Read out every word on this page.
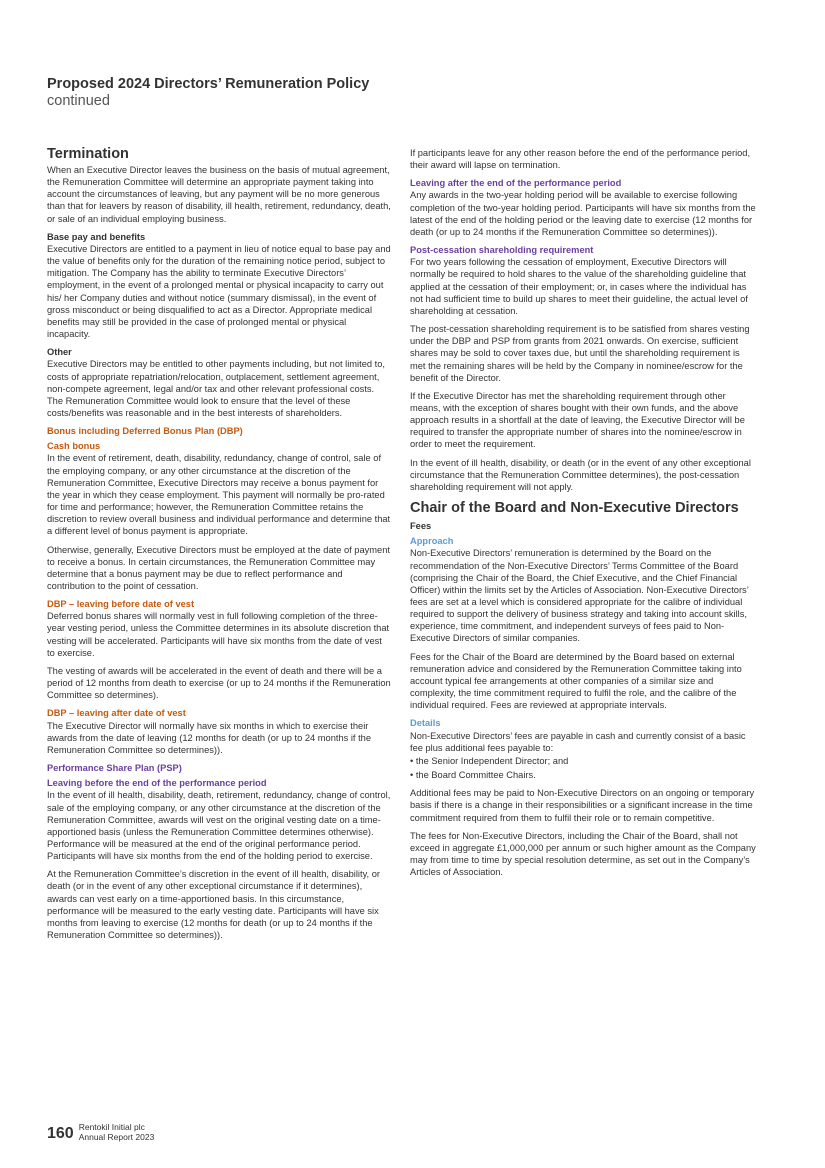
Proposed 2024 Directors’ Remuneration Policy
continued
Termination

When an Executive Director leaves the business on the basis of mutual agreement, the Remuneration Committee will determine an appropriate payment taking into account the circumstances of leaving, but any payment will be no more generous than that for leavers by reason of disability, ill health, retirement, redundancy, death, or sale of an individual employing business.

Base pay and benefits

Executive Directors are entitled to a payment in lieu of notice equal to base pay and the value of benefits only for the duration of the remaining notice period, subject to mitigation. The Company has the ability to terminate Executive Directors’ employment, in the event of a prolonged mental or physical incapacity to carry out his/ her Company duties and without notice (summary dismissal), in the event of gross misconduct or being disqualified to act as a Director. Appropriate medical benefits may still be provided in the case of prolonged mental or physical incapacity.

Other

Executive Directors may be entitled to other payments including, but not limited to, costs of appropriate repatriation/relocation, outplacement, settlement agreement, non-compete agreement, legal and/or tax and other relevant professional costs. The Remuneration Committee would look to ensure that the level of these costs/benefits was reasonable and in the best interests of shareholders.

Bonus including Deferred Bonus Plan (DBP)
Cash bonus

In the event of retirement, death, disability, redundancy, change of control, sale of the employing company, or any other circumstance at the discretion of the Remuneration Committee, Executive Directors may receive a bonus payment for the year in which they cease employment. This payment will normally be pro-rated for time and performance; however, the Remuneration Committee retains the discretion to review overall business and individual performance and determine that a different level of bonus payment is appropriate.

Otherwise, generally, Executive Directors must be employed at the date of payment to receive a bonus. In certain circumstances, the Remuneration Committee may determine that a bonus payment may be due to reflect performance and contribution to the point of cessation.

DBP – leaving before date of vest

Deferred bonus shares will normally vest in full following completion of the three-year vesting period, unless the Committee determines in its absolute discretion that vesting will be accelerated. Participants will have six months from the date of vest to exercise.

The vesting of awards will be accelerated in the event of death and there will be a period of 12 months from death to exercise (or up to 24 months if the Remuneration Committee so determines).

DBP – leaving after date of vest

The Executive Director will normally have six months in which to exercise their awards from the date of leaving (12 months for death (or up to 24 months if the Remuneration Committee so determines)).

Performance Share Plan (PSP)
Leaving before the end of the performance period

In the event of ill health, disability, death, retirement, redundancy, change of control, sale of the employing company, or any other circumstance at the discretion of the Remuneration Committee, awards will vest on the original vesting date on a time-apportioned basis (unless the Remuneration Committee determines otherwise). Performance will be measured at the end of the original performance period. Participants will have six months from the end of the holding period to exercise.

At the Remuneration Committee’s discretion in the event of ill health, disability, or death (or in the event of any other exceptional circumstance if it determines), awards can vest early on a time-apportioned basis. In this circumstance, performance will be measured to the early vesting date. Participants will have six months from leaving to exercise (12 months for death (or up to 24 months if the Remuneration Committee so determines)).

If participants leave for any other reason before the end of the performance period, their award will lapse on termination.

Leaving after the end of the performance period

Any awards in the two-year holding period will be available to exercise following completion of the two-year holding period. Participants will have six months from the latest of the end of the holding period or the leaving date to exercise (12 months for death (or up to 24 months if the Remuneration Committee so determines)).

Post-cessation shareholding requirement

For two years following the cessation of employment, Executive Directors will normally be required to hold shares to the value of the shareholding guideline that applied at the cessation of their employment; or, in cases where the individual has not had sufficient time to build up shares to meet their guideline, the actual level of shareholding at cessation.

The post-cessation shareholding requirement is to be satisfied from shares vesting under the DBP and PSP from grants from 2021 onwards. On exercise, sufficient shares may be sold to cover taxes due, but until the shareholding requirement is met the remaining shares will be held by the Company in nominee/escrow for the benefit of the Director.

If the Executive Director has met the shareholding requirement through other means, with the exception of shares bought with their own funds, and the above approach results in a shortfall at the date of leaving, the Executive Director will be required to transfer the appropriate number of shares into the nominee/escrow in order to meet the requirement.

In the event of ill health, disability, or death (or in the event of any other exceptional circumstance that the Remuneration Committee determines), the post-cessation shareholding requirement will not apply.

Chair of the Board and Non-Executive Directors
Fees
Approach

Non-Executive Directors’ remuneration is determined by the Board on the recommendation of the Non-Executive Directors’ Terms Committee of the Board (comprising the Chair of the Board, the Chief Executive, and the Chief Financial Officer) within the limits set by the Articles of Association. Non-Executive Directors’ fees are set at a level which is considered appropriate for the calibre of individual required to support the delivery of business strategy and taking into account skills, experience, time commitment, and independent surveys of fees paid to Non-Executive Directors of similar companies.

Fees for the Chair of the Board are determined by the Board based on external remuneration advice and considered by the Remuneration Committee taking into account typical fee arrangements at other companies of a similar size and complexity, the time commitment required to fulfil the role, and the calibre of the individual required. Fees are reviewed at appropriate intervals.

Details

Non-Executive Directors’ fees are payable in cash and currently consist of a basic fee plus additional fees payable to:

• the Senior Independent Director; and
• the Board Committee Chairs.

Additional fees may be paid to Non-Executive Directors on an ongoing or temporary basis if there is a change in their responsibilities or a significant increase in the time commitment required from them to fulfil their role or to remain competitive.

The fees for Non-Executive Directors, including the Chair of the Board, shall not exceed in aggregate £1,000,000 per annum or such higher amount as the Company may from time to time by special resolution determine, as set out in the Company’s Articles of Association.

160 Rentokil Initial plc
Annual Report 2023
